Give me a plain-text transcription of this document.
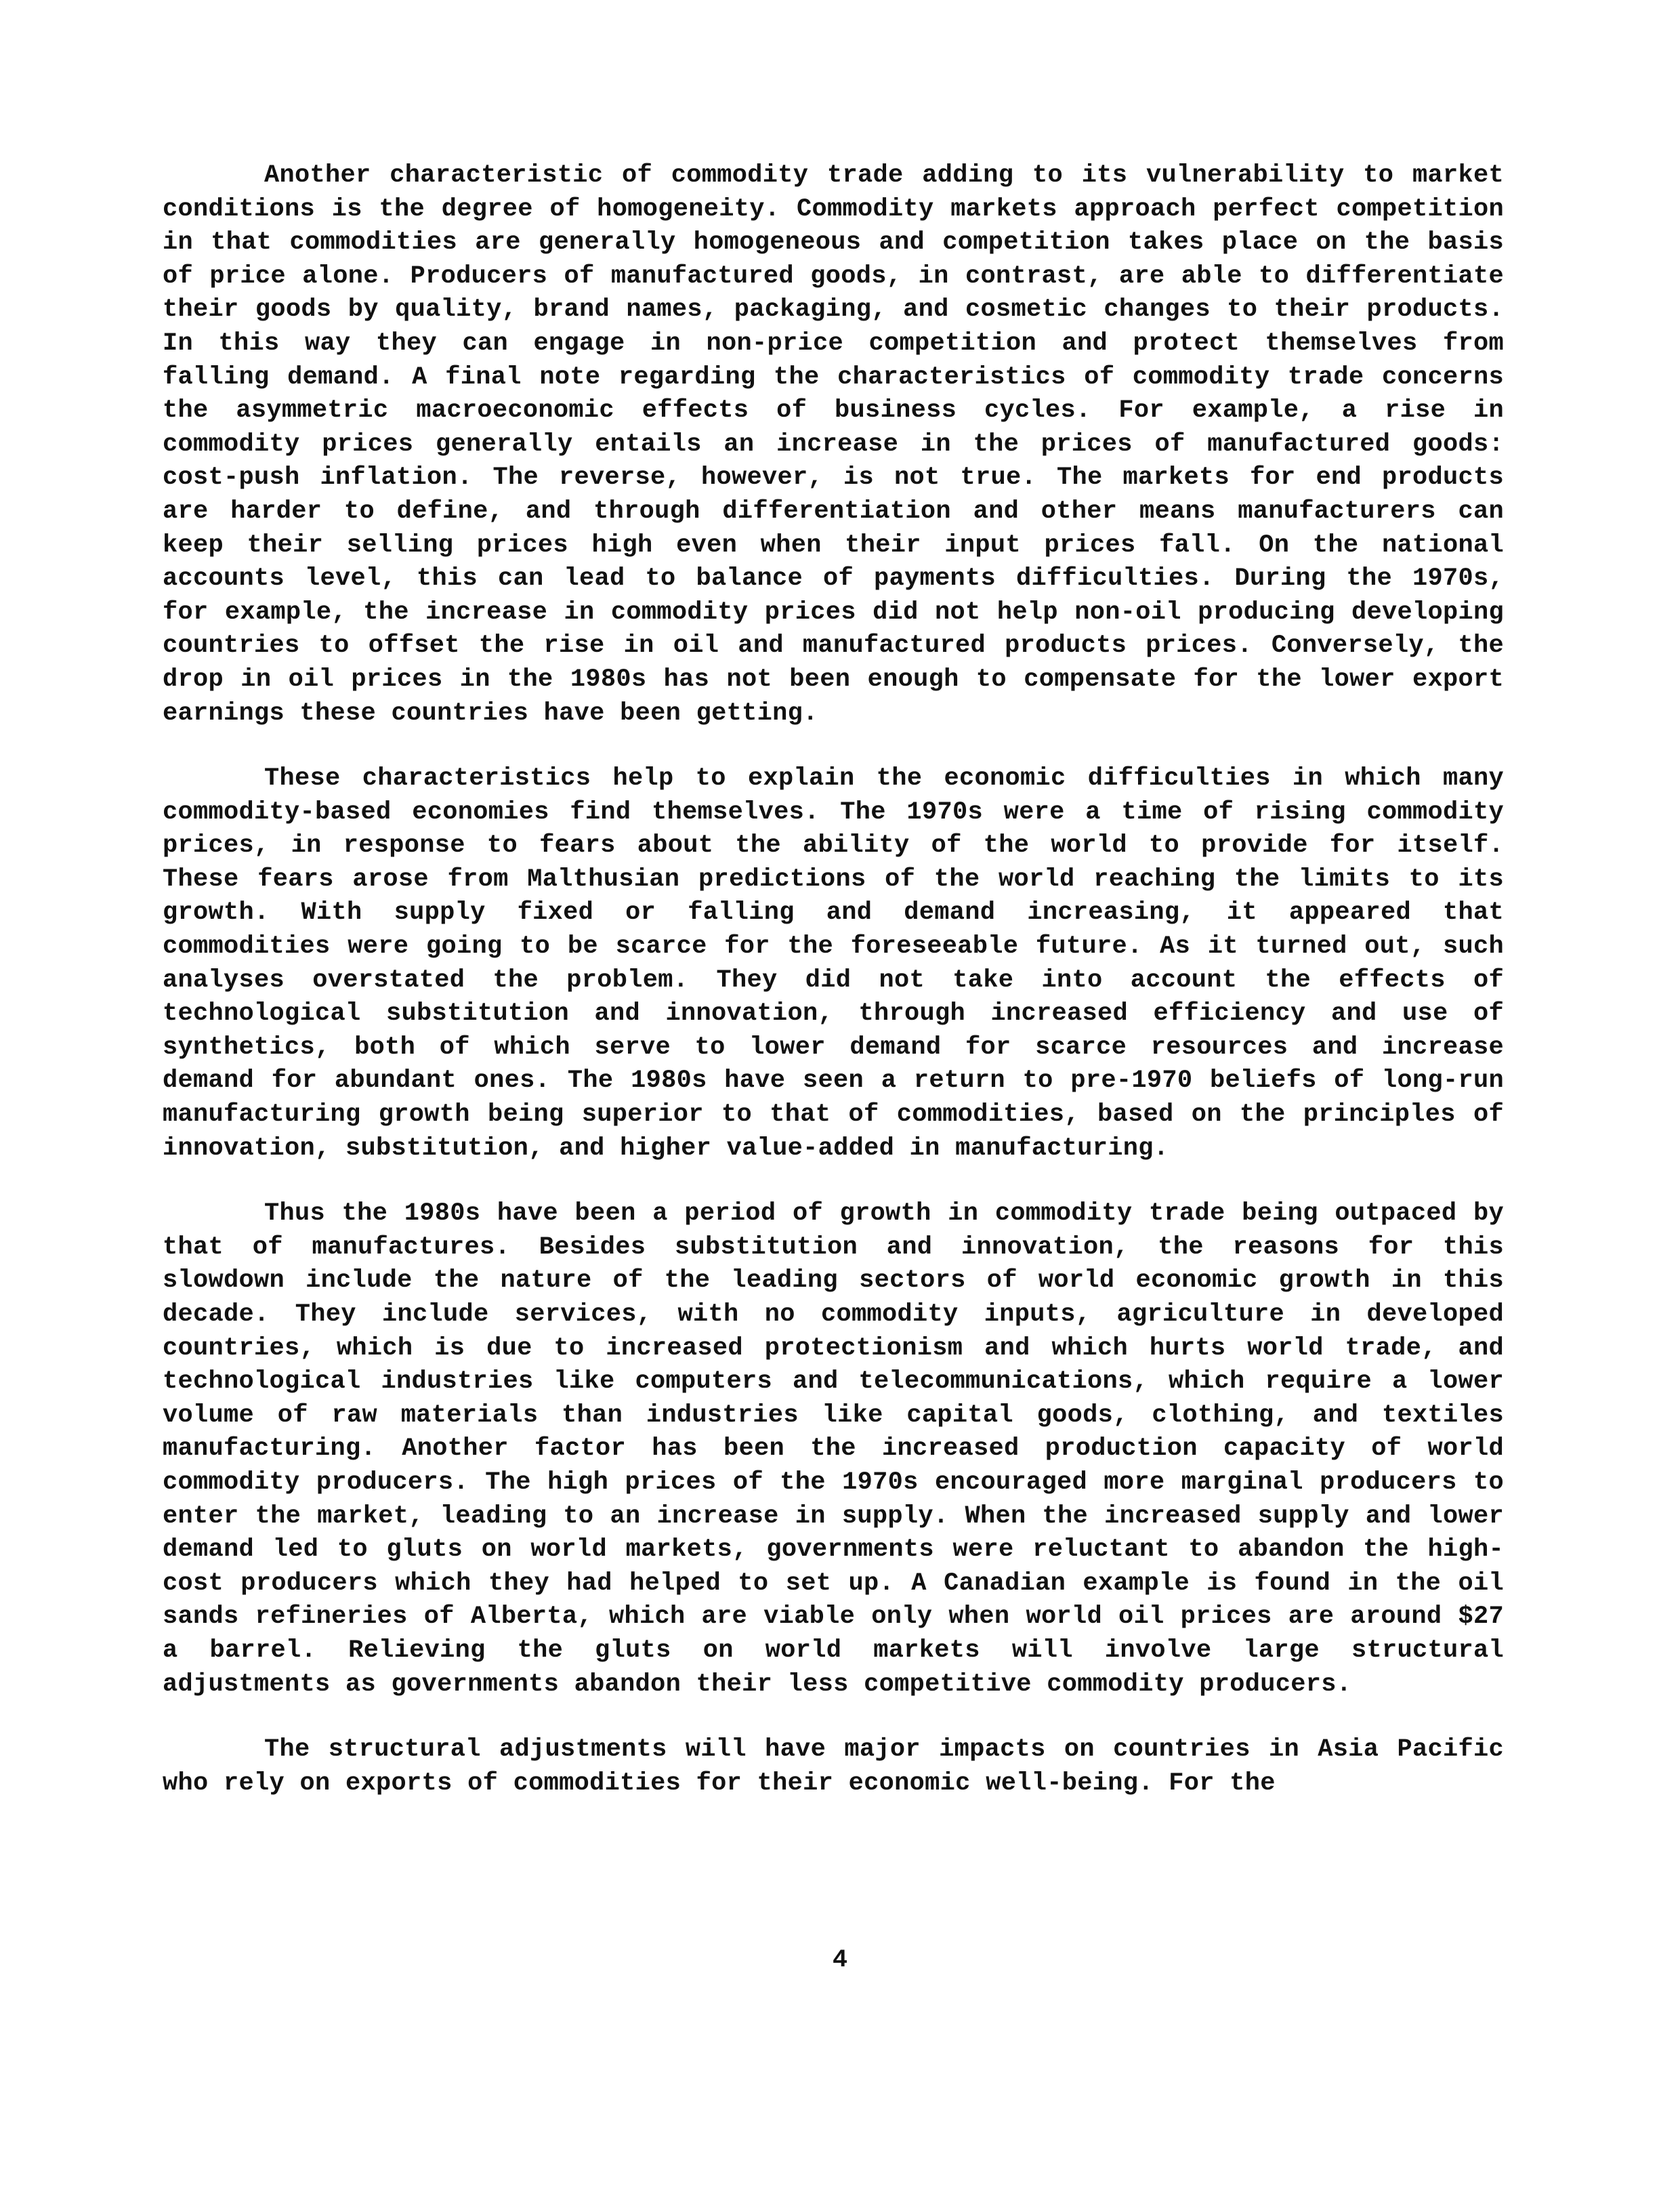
Another characteristic of commodity trade adding to its vulnerability to market conditions is the degree of homogeneity. Commodity markets approach perfect competition in that commodities are generally homogeneous and competition takes place on the basis of price alone. Producers of manufactured goods, in contrast, are able to differentiate their goods by quality, brand names, packaging, and cosmetic changes to their products. In this way they can engage in non-price competition and protect themselves from falling demand. A final note regarding the characteristics of commodity trade concerns the asymmetric macroeconomic effects of business cycles. For example, a rise in commodity prices generally entails an increase in the prices of manufactured goods: cost-push inflation. The reverse, however, is not true. The markets for end products are harder to define, and through differentiation and other means manufacturers can keep their selling prices high even when their input prices fall. On the national accounts level, this can lead to balance of payments difficulties. During the 1970s, for example, the increase in commodity prices did not help non-oil producing developing countries to offset the rise in oil and manufactured products prices. Conversely, the drop in oil prices in the 1980s has not been enough to compensate for the lower export earnings these countries have been getting.

These characteristics help to explain the economic difficulties in which many commodity-based economies find themselves. The 1970s were a time of rising commodity prices, in response to fears about the ability of the world to provide for itself. These fears arose from Malthusian predictions of the world reaching the limits to its growth. With supply fixed or falling and demand increasing, it appeared that commodities were going to be scarce for the foreseeable future. As it turned out, such analyses overstated the problem. They did not take into account the effects of technological substitution and innovation, through increased efficiency and use of synthetics, both of which serve to lower demand for scarce resources and increase demand for abundant ones. The 1980s have seen a return to pre-1970 beliefs of long-run manufacturing growth being superior to that of commodities, based on the principles of innovation, substitution, and higher value-added in manufacturing.

Thus the 1980s have been a period of growth in commodity trade being outpaced by that of manufactures. Besides substitution and innovation, the reasons for this slowdown include the nature of the leading sectors of world economic growth in this decade. They include services, with no commodity inputs, agriculture in developed countries, which is due to increased protectionism and which hurts world trade, and technological industries like computers and telecommunications, which require a lower volume of raw materials than industries like capital goods, clothing, and textiles manufacturing. Another factor has been the increased production capacity of world commodity producers. The high prices of the 1970s encouraged more marginal producers to enter the market, leading to an increase in supply. When the increased supply and lower demand led to gluts on world markets, governments were reluctant to abandon the high-cost producers which they had helped to set up. A Canadian example is found in the oil sands refineries of Alberta, which are viable only when world oil prices are around $27 a barrel. Relieving the gluts on world markets will involve large structural adjustments as governments abandon their less competitive commodity producers.

The structural adjustments will have major impacts on countries in Asia Pacific who rely on exports of commodities for their economic well-being. For the

4
